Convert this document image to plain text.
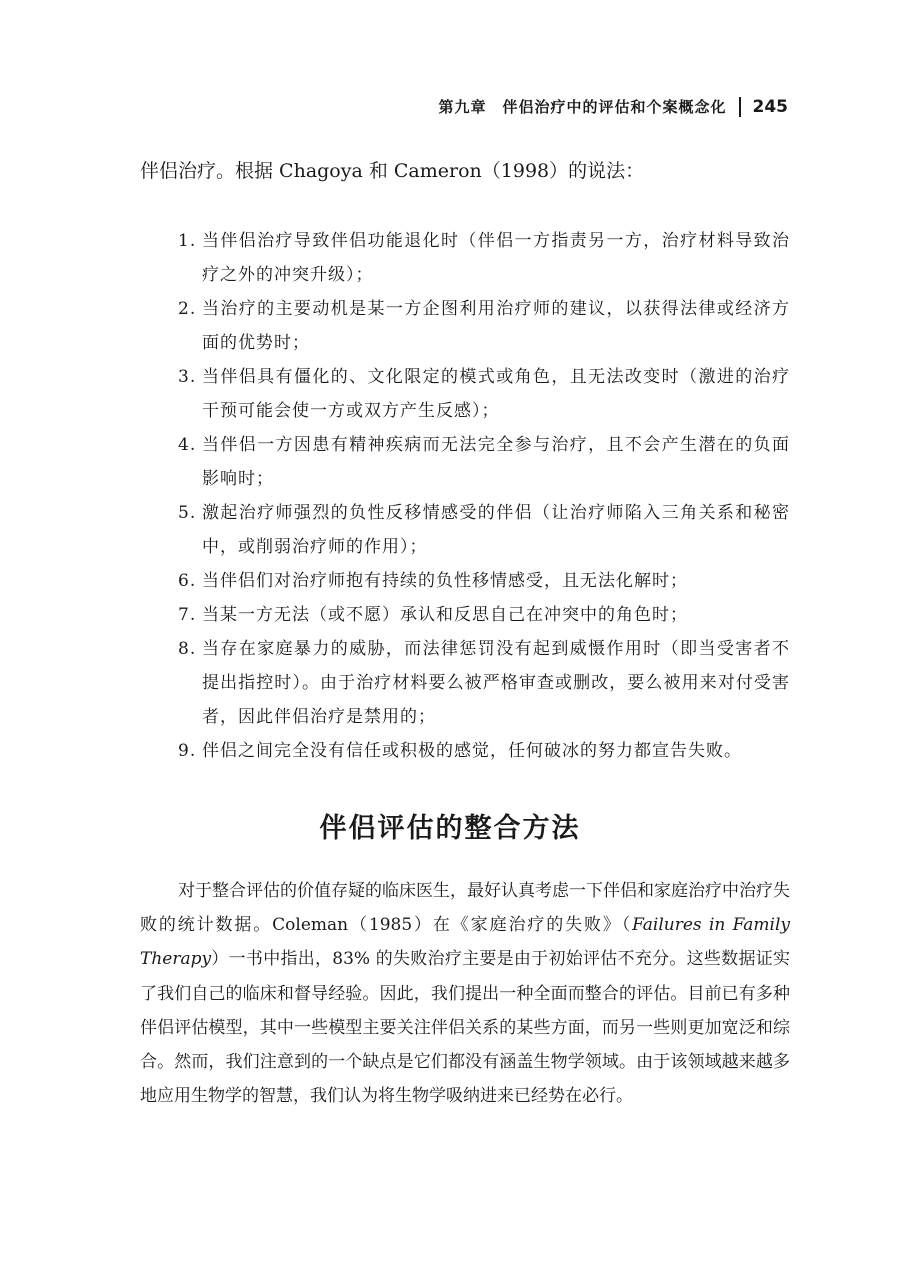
第九章　伴侣治疗中的评估和个案概念化 245

伴侣治疗。根据 Chagoya 和 Cameron（1998）的说法：

1. 当伴侣治疗导致伴侣功能退化时（伴侣一方指责另一方，治疗材料导致治疗之外的冲突升级）；
2. 当治疗的主要动机是某一方企图利用治疗师的建议，以获得法律或经济方面的优势时；
3. 当伴侣具有僵化的、文化限定的模式或角色，且无法改变时（激进的治疗干预可能会使一方或双方产生反感）；
4. 当伴侣一方因患有精神疾病而无法完全参与治疗，且不会产生潜在的负面影响时；
5. 激起治疗师强烈的负性反移情感受的伴侣（让治疗师陷入三角关系和秘密中，或削弱治疗师的作用）；
6. 当伴侣们对治疗师抱有持续的负性移情感受，且无法化解时；
7. 当某一方无法（或不愿）承认和反思自己在冲突中的角色时；
8. 当存在家庭暴力的威胁，而法律惩罚没有起到威慑作用时（即当受害者不提出指控时）。由于治疗材料要么被严格审查或删改，要么被用来对付受害者，因此伴侣治疗是禁用的；
9. 伴侣之间完全没有信任或积极的感觉，任何破冰的努力都宣告失败。
伴侣评估的整合方法

对于整合评估的价值存疑的临床医生，最好认真考虑一下伴侣和家庭治疗中治疗失败的统计数据。Coleman（1985）在《家庭治疗的失败》（Failures in Family Therapy）一书中指出，83% 的失败治疗主要是由于初始评估不充分。这些数据证实了我们自己的临床和督导经验。因此，我们提出一种全面而整合的评估。目前已有多种伴侣评估模型，其中一些模型主要关注伴侣关系的某些方面，而另一些则更加宽泛和综合。然而，我们注意到的一个缺点是它们都没有涵盖生物学领域。由于该领域越来越多地应用生物学的智慧，我们认为将生物学吸纳进来已经势在必行。
